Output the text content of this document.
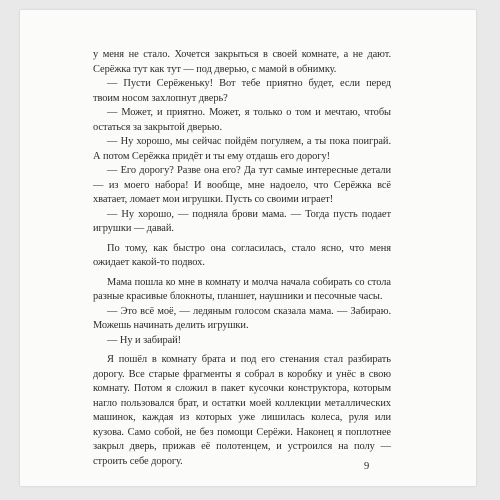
у меня не стало. Хочется закрыться в своей комнате, а не дают. Серёжка тут как тут — под дверью, с мамой в обнимку.

— Пусти Серёженьку! Вот тебе приятно будет, если перед твоим носом захлопнут дверь?

— Может, и приятно. Может, я только о том и мечтаю, чтобы остаться за закрытой дверью.

— Ну хорошо, мы сейчас пойдём погуляем, а ты пока поиграй. А потом Серёжка придёт и ты ему отдашь его дорогу!

— Его дорогу? Разве она его? Да тут самые интересные детали — из моего набора! И вообще, мне надоело, что Серёжка всё хватает, ломает мои игрушки. Пусть со своими играет!

— Ну хорошо, — подняла брови мама. — Тогда пусть подает игрушки — давай.

По тому, как быстро она согласилась, стало ясно, что меня ожидает какой-то подвох.

Мама пошла ко мне в комнату и молча начала собирать со стола разные красивые блокноты, планшет, наушники и песочные часы.

— Это всё моё, — ледяным голосом сказала мама. — Забираю. Можешь начинать делить игрушки.

— Ну и забирай!

Я пошёл в комнату брата и под его стенания стал разбирать дорогу. Все старые фрагменты я собрал в коробку и унёс в свою комнату. Потом я сложил в пакет кусочки конструктора, которым нагло пользовался брат, и остатки моей коллекции металлических машинок, каждая из которых уже лишилась колеса, руля или кузова. Само собой, не без помощи Серёжи. Наконец я поплотнее закрыл дверь, прижав её полотенцем, и устроился на полу — строить себе дорогу.	9
